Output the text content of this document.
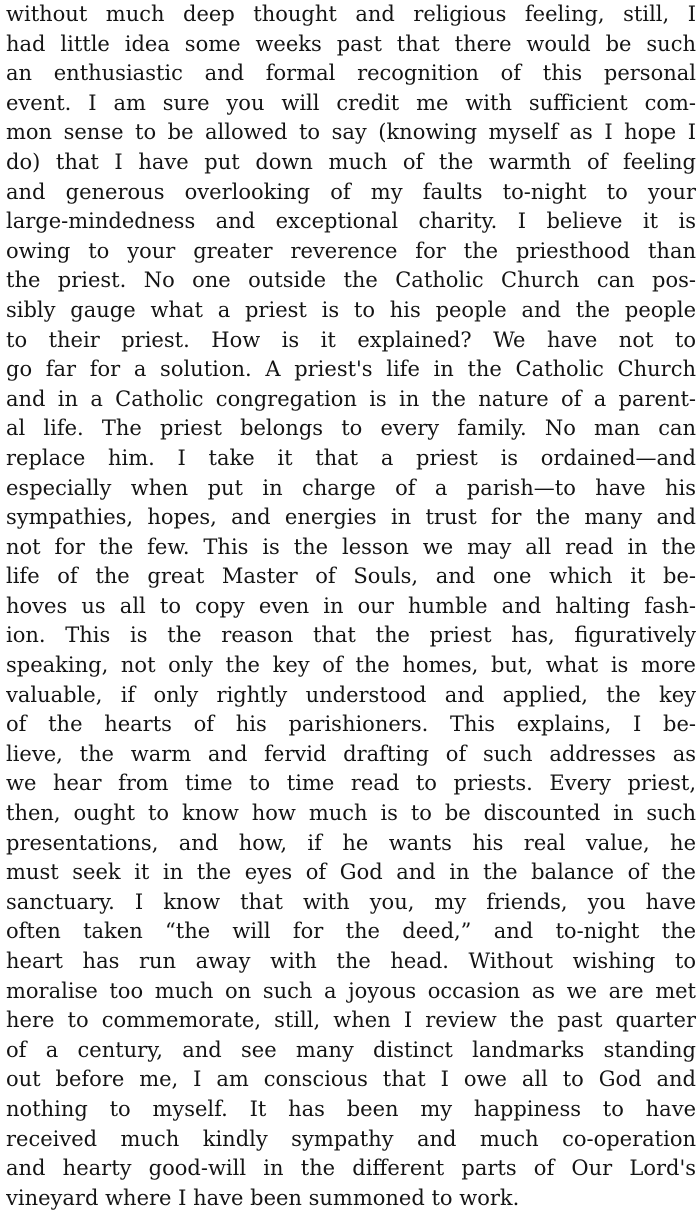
without much deep thought and religious feeling, still, I
had little idea some weeks past that there would be such
an enthusiastic and formal recognition of this personal
event. I am sure you will credit me with sufficient com-
mon sense to be allowed to say (knowing myself as I hope I
do) that I have put down much of the warmth of feeling
and generous overlooking of my faults to-night to your
large-mindedness and exceptional charity. I believe it is
owing to your greater reverence for the priesthood than
the priest. No one outside the Catholic Church can pos-
sibly gauge what a priest is to his people and the people
to their priest. How is it explained? We have not to
go far for a solution. A priest's life in the Catholic Church
and in a Catholic congregation is in the nature of a parent-
al life. The priest belongs to every family. No man can
replace him. I take it that a priest is ordained—and
especially when put in charge of a parish—to have his
sympathies, hopes, and energies in trust for the many and
not for the few. This is the lesson we may all read in the
life of the great Master of Souls, and one which it be-
hoves us all to copy even in our humble and halting fash-
ion. This is the reason that the priest has, figuratively
speaking, not only the key of the homes, but, what is more
valuable, if only rightly understood and applied, the key
of the hearts of his parishioners. This explains, I be-
lieve, the warm and fervid drafting of such addresses as
we hear from time to time read to priests. Every priest,
then, ought to know how much is to be discounted in such
presentations, and how, if he wants his real value, he
must seek it in the eyes of God and in the balance of the
sanctuary. I know that with you, my friends, you have
often taken “the will for the deed,” and to-night the
heart has run away with the head. Without wishing to
moralise too much on such a joyous occasion as we are met
here to commemorate, still, when I review the past quarter
of a century, and see many distinct landmarks standing
out before me, I am conscious that I owe all to God and
nothing to myself. It has been my happiness to have
received much kindly sympathy and much co-operation
and hearty good-will in the different parts of Our Lord's
vineyard where I have been summoned to work.
